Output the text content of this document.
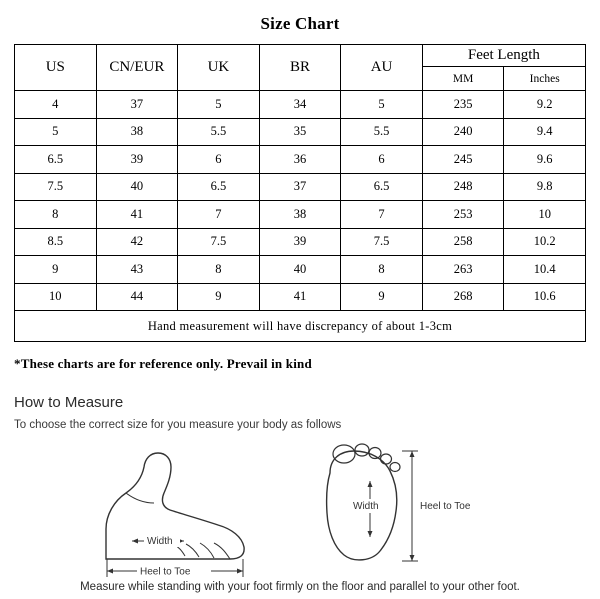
Size Chart
US	CN/EUR	UK	BR	AU	Feet Length	
					MM	Inches
4	37	5	34	5	235	9.2
5	38	5.5	35	5.5	240	9.4
6.5	39	6	36	6	245	9.6
7.5	40	6.5	37	6.5	248	9.8
8	41	7	38	7	253	10
8.5	42	7.5	39	7.5	258	10.2
9	43	8	40	8	263	10.4
10	44	9	41	9	268	10.6
Hand measurement will have discrepancy of about 1-3cm						
*These charts are for reference only. Prevail in kind
How to Measure
To choose the correct size for you measure your body as follows
Width
Heel to Toe
Width	Heel to Toe
Measure while standing with your foot firmly on the floor and parallel to your other foot.
